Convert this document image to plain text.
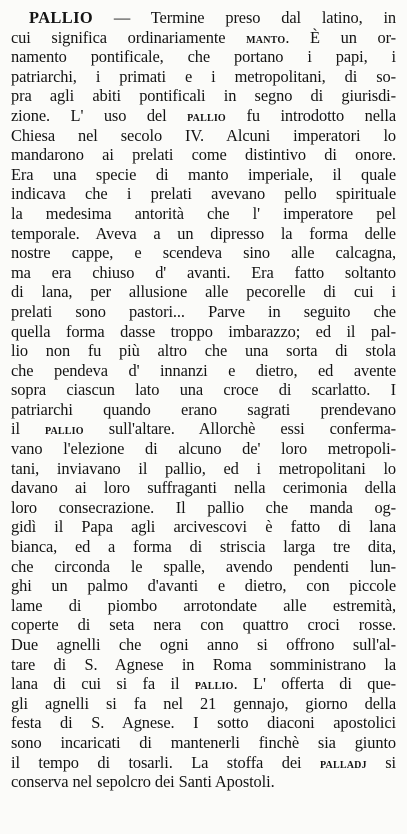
PALLIO — Termine preso dal latino, in
cui significa ordinariamente manto. È un or-
namento pontificale, che portano i papi, i
patriarchi, i primati e i metropolitani, di so-
pra agli abiti pontificali in segno di giurisdi-
zione. L' uso del pallio fu introdotto nella
Chiesa nel secolo IV. Alcuni imperatori lo
mandarono ai prelati come distintivo di onore.
Era una specie di manto imperiale, il quale
indicava che i prelati avevano pello spirituale
la medesima antorità che l' imperatore pel
temporale. Aveva a un dipresso la forma delle
nostre cappe, e scendeva sino alle calcagna,
ma era chiuso d' avanti. Era fatto soltanto
di lana, per allusione alle pecorelle di cui i
prelati sono pastori... Parve in seguito che
quella forma dasse troppo imbarazzo; ed il pal-
lio non fu più altro che una sorta di stola
che pendeva d' innanzi e dietro, ed avente
sopra ciascun lato una croce di scarlatto. I
patriarchi quando erano sagrati prendevano
il pallio sull'altare. Allorchè essi conferma-
vano l'elezione di alcuno de' loro metropoli-
tani, inviavano il pallio, ed i metropolitani lo
davano ai loro suffraganti nella cerimonia della
loro consecrazione. Il pallio che manda og-
gidì il Papa agli arcivescovi è fatto di lana
bianca, ed a forma di striscia larga tre dita,
che circonda le spalle, avendo pendenti lun-
ghi un palmo d'avanti e dietro, con piccole
lame di piombo arrotondate alle estremità,
coperte di seta nera con quattro croci rosse.
Due agnelli che ogni anno si offrono sull'al-
tare di S. Agnese in Roma somministrano la
lana di cui si fa il pallio. L' offerta di que-
gli agnelli si fa nel 21 gennajo, giorno della
festa di S. Agnese. I sotto diaconi apostolici
sono incaricati di mantenerli finchè sia giunto
il tempo di tosarli. La stoffa dei palladj si
conserva nel sepolcro dei Santi Apostoli.
